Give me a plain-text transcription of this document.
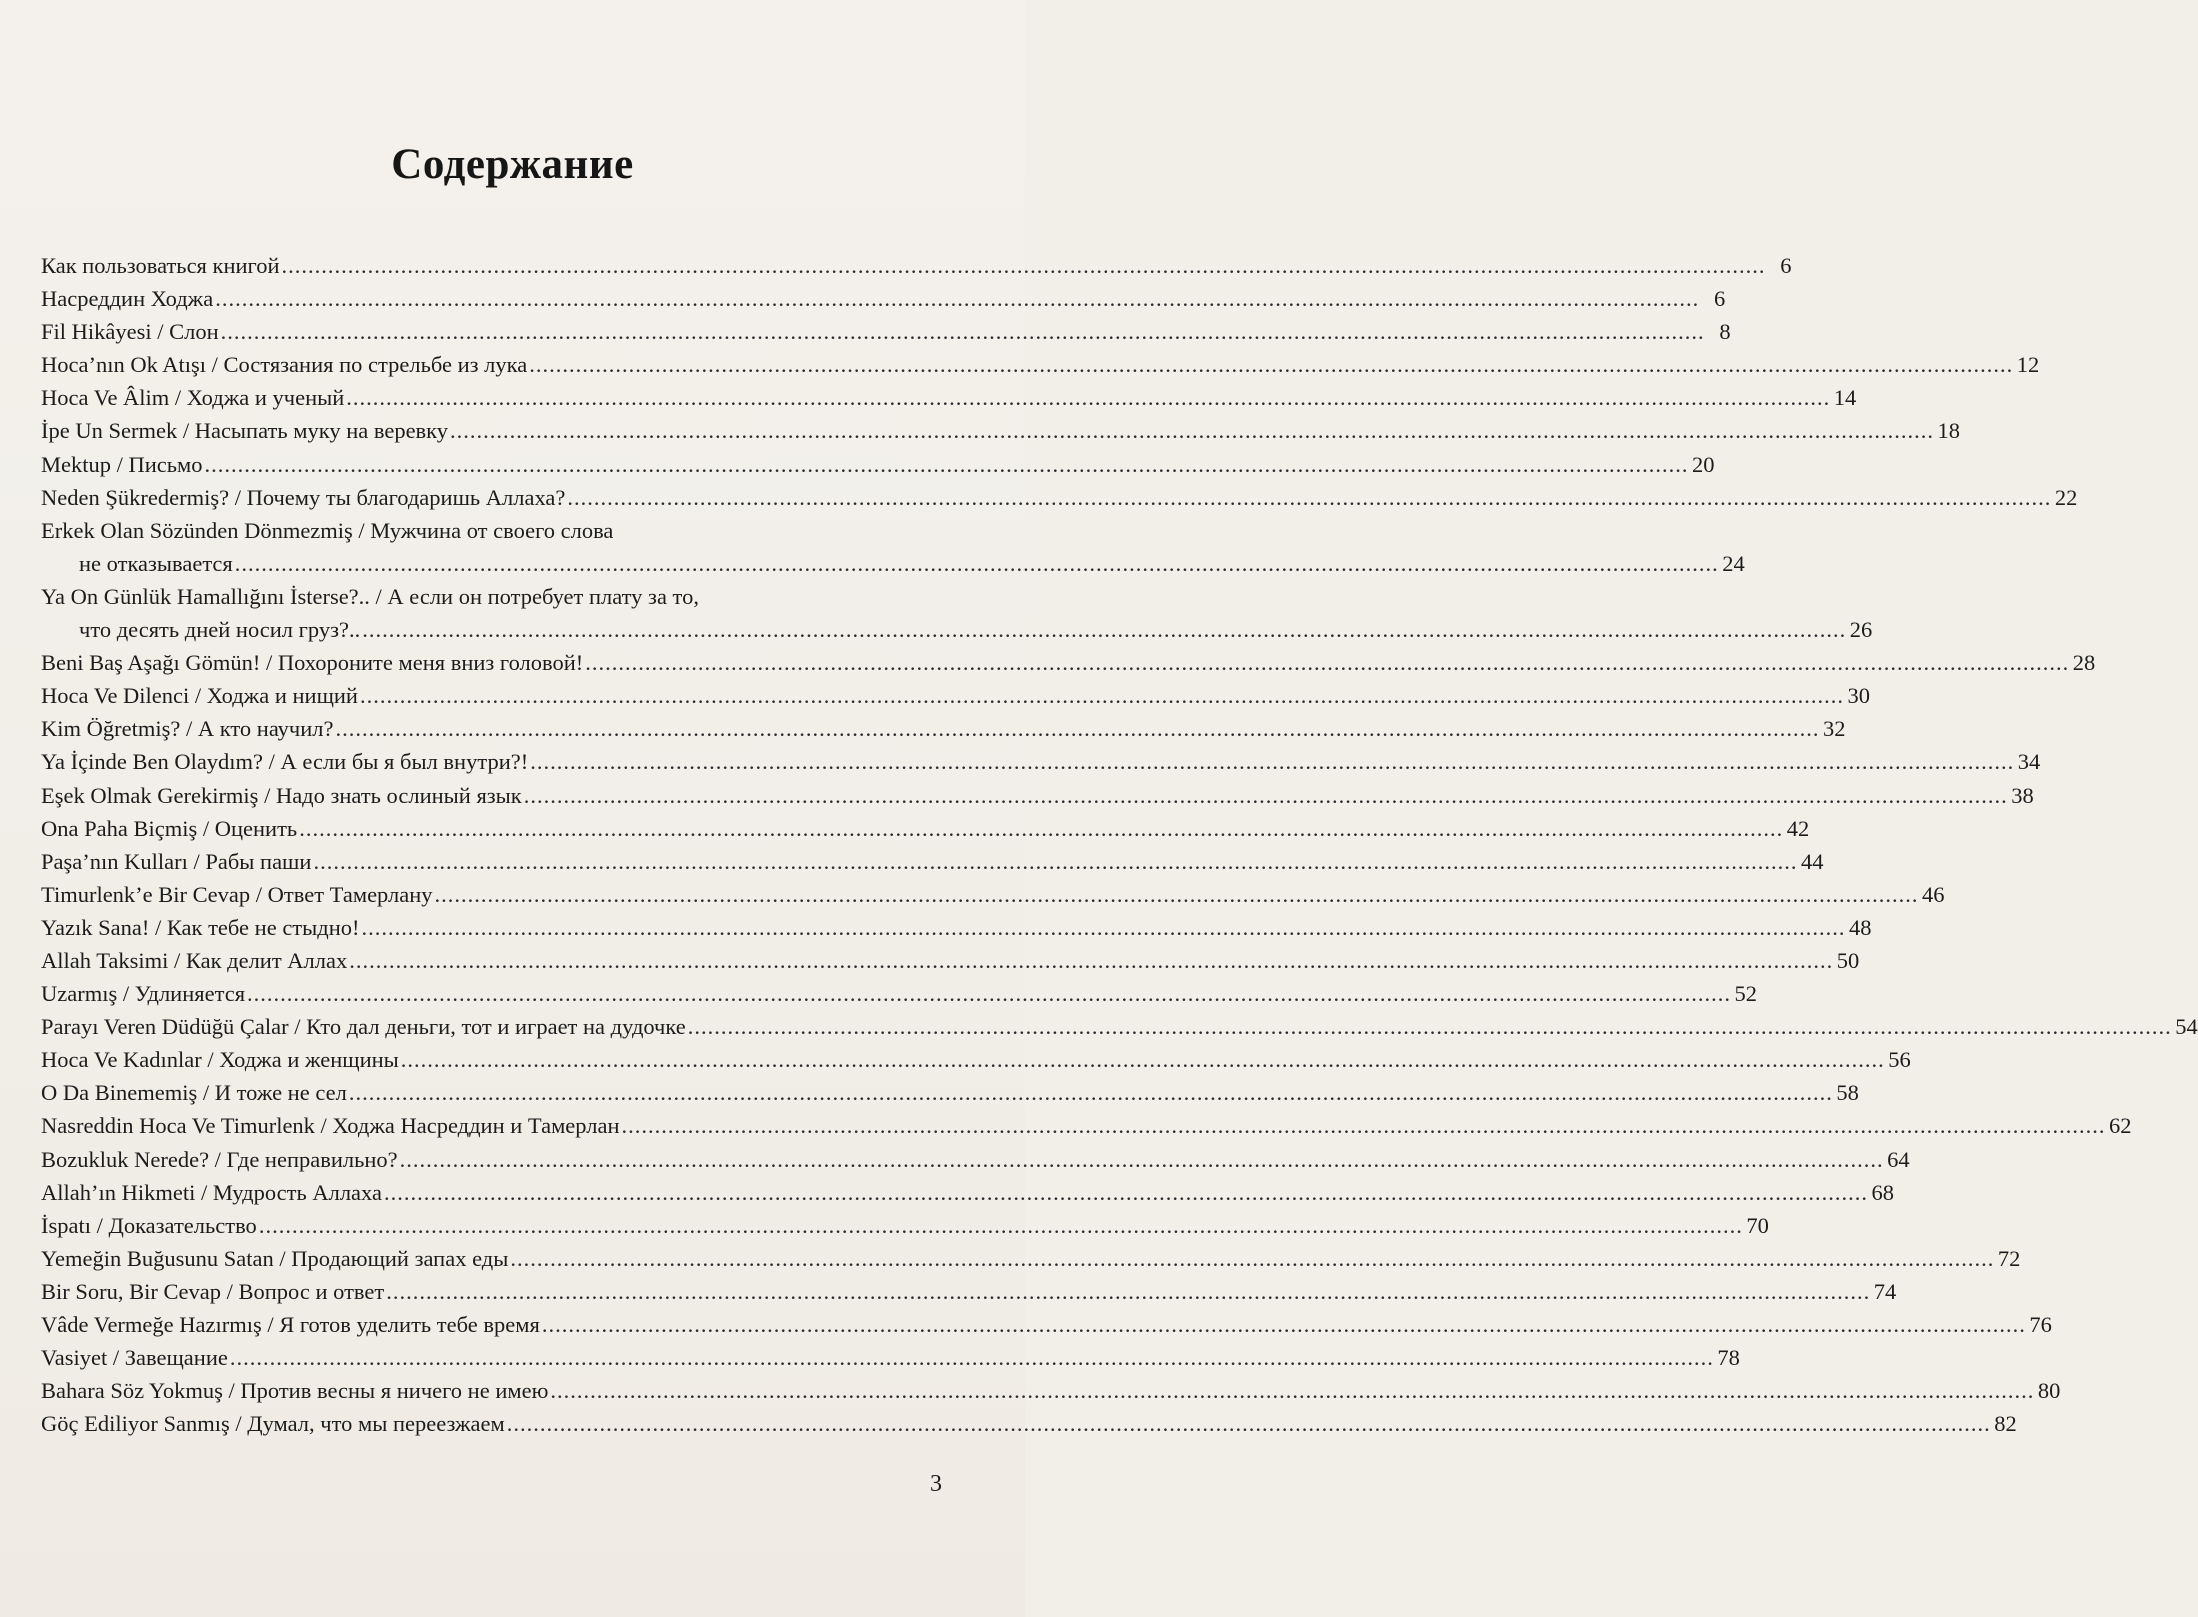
Содержание
Как пользоваться книгой .....	6
Насреддин Ходжа .....	6
Fil Hikâyesi / Слон .....	8
Hoca’nın Ok Atışı / Состязания по стрельбе из лука .....	12
Hoca Ve Âlim / Ходжа и ученый .....	14
İpe Un Sermek / Насыпать муку на веревку .....	18
Mektup / Письмо .....	20
Neden Şükredermiş? / Почему ты благодаришь Аллаха? .....	22
Erkek Olan Sözünden Dönmezmiş / Мужчина от своего слова
не отказывается .....	24
Ya On Günlük Hamallığını İsterse?.. / А если он потребует плату за то,
что десять дней носил груз?.. .....	26
Beni Baş Aşağı Gömün! / Похороните меня вниз головой! .....	28
Hoca Ve Dilenci / Ходжа и нищий .....	30
Kim Öğretmiş? / А кто научил? .....	32
Ya İçinde Ben Olaydım? / А если бы я был внутри?! .....	34
Eşek Olmak Gerekirmiş / Надо знать ослиный язык .....	38
Ona Paha Biçmiş / Оценить .....	42
Paşa’nın Kulları / Рабы паши .....	44
Timurlenk’e Bir Cevap / Ответ Тамерлану .....	46
Yazık Sana! / Как тебе не стыдно! .....	48
Allah Taksimi / Как делит Аллах .....	50
Uzarmış / Удлиняется .....	52
Parayı Veren Düdüğü Çalar / Кто дал деньги, тот и играет на дудочке .....	54
Hoca Ve Kadınlar / Ходжа и женщины .....	56
O Da Binememiş / И тоже не сел .....	58
Nasreddin Hoca Ve Timurlenk / Ходжа Насреддин и Тамерлан .....	62
Bozukluk Nerede? / Где неправильно? .....	64
Allah’ın Hikmeti / Мудрость Аллаха .....	68
İspatı / Доказательство .....	70
Yemeğin Buğusunu Satan / Продающий запах еды .....	72
Bir Soru, Bir Cevap / Вопрос и ответ .....	74
Vâde Vermeğe Hazırmış / Я готов уделить тебе время .....	76
Vasiyet / Завещание .....	78
Bahara Söz Yokmuş / Против весны я ничего не имею .....	80
Göç Ediliyor Sanmış / Думал, что мы переезжаем .....	82
3
